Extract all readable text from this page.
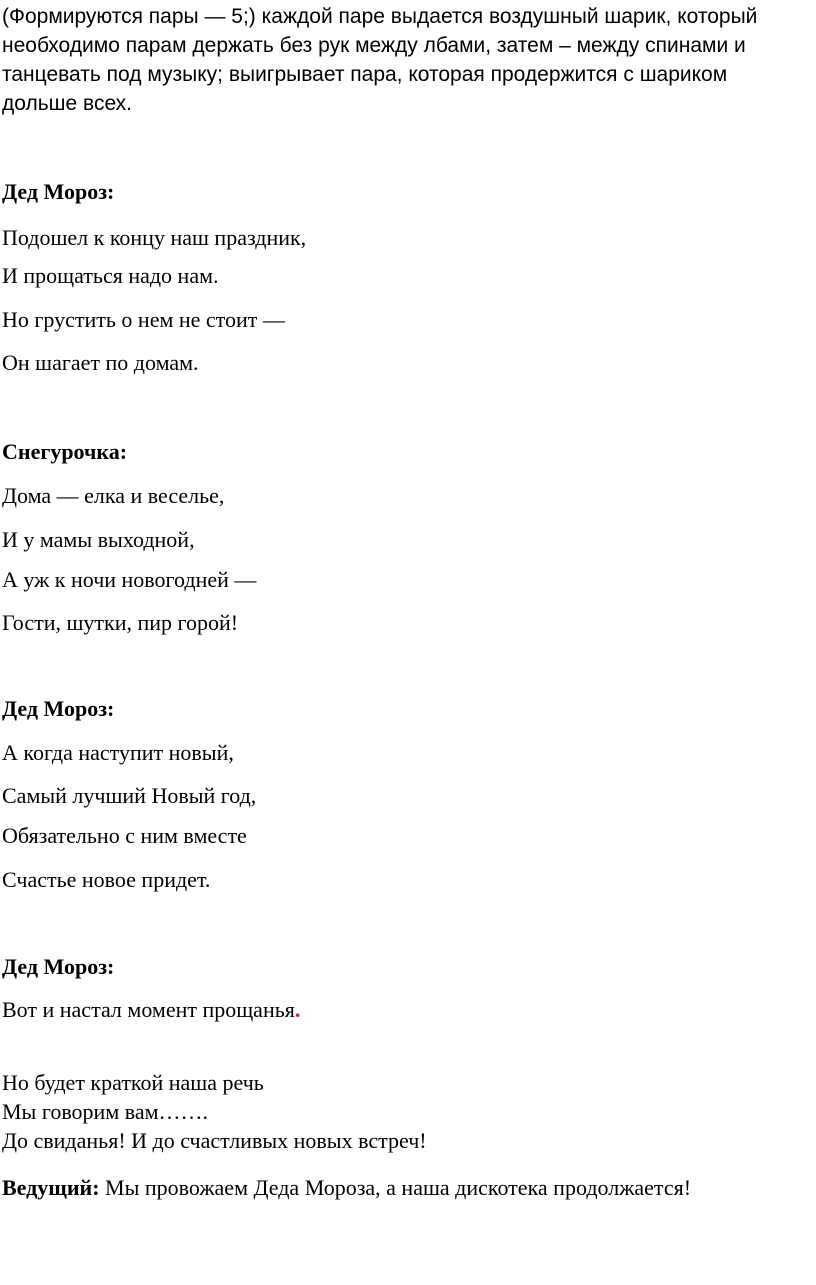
(Формируются пары — 5;) каждой паре выдается воздушный шарик, который необходимо парам держать без рук между лбами, затем – между спинами и танцевать под музыку; выигрывает пара, которая продержится с шариком дольше всех.

Дед Мороз:

Подошел к концу наш праздник,

И прощаться надо нам.

Но грустить о нем не стоит —

Он шагает по домам.

Снегурочка:

Дома — елка и веселье,

И у мамы выходной,

А уж к ночи новогодней —

Гости, шутки, пир горой!

Дед Мороз:

А когда наступит новый,

Самый лучший Новый год,

Обязательно с ним вместе

Счастье новое придет.

Дед Мороз:

Вот и настал момент прощанья.

Но будет краткой наша речь

Мы говорим вам…….

До свиданья! И до счастливых новых встреч!

Ведущий: Мы провожаем Деда Мороза, а наша дискотека продолжается!
